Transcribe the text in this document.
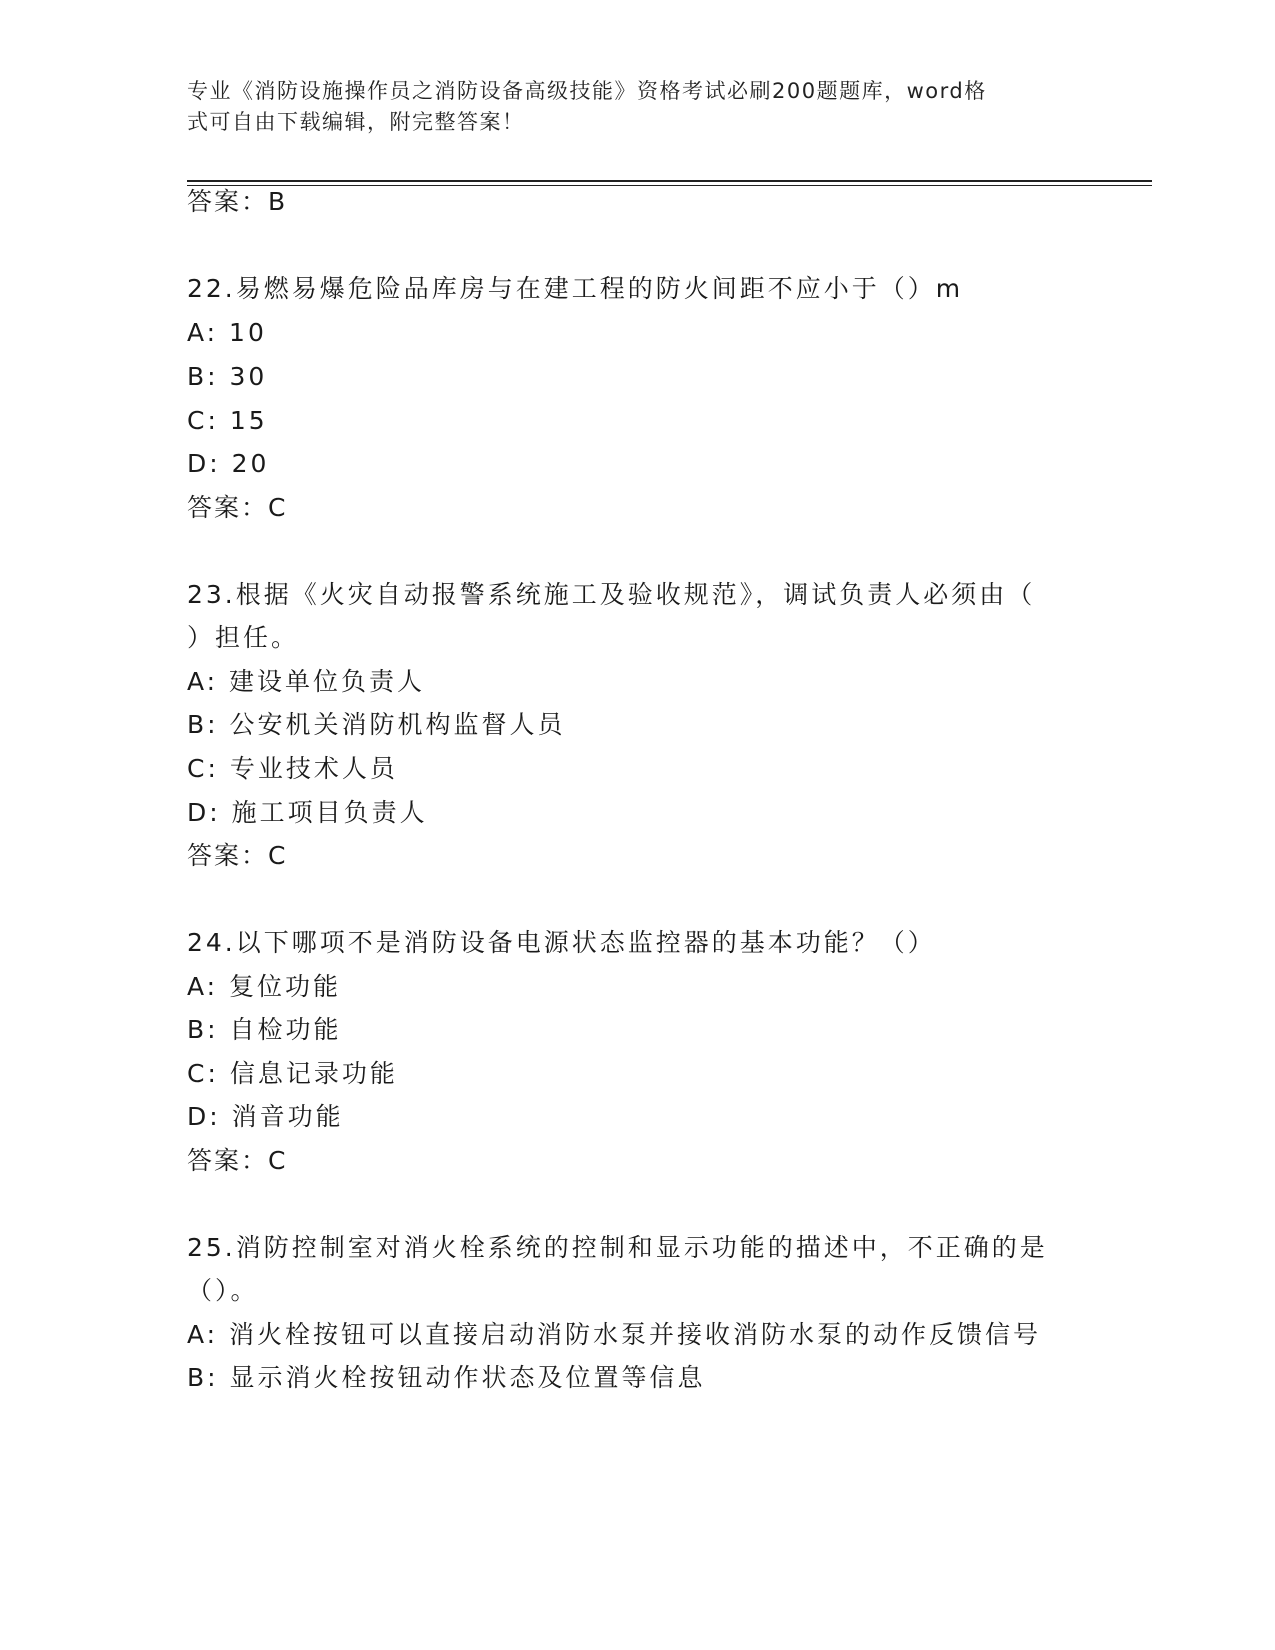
专业《消防设施操作员之消防设备高级技能》资格考试必刷200题题库，word格
式可自由下载编辑，附完整答案！
答案：B
22.易燃易爆危险品库房与在建工程的防火间距不应小于（）m
A: 10
B: 30
C: 15
D: 20
答案：C
23.根据《火灾自动报警系统施工及验收规范》，调试负责人必须由（
）担任。
A: 建设单位负责人
B: 公安机关消防机构监督人员
C: 专业技术人员
D: 施工项目负责人
答案：C
24.以下哪项不是消防设备电源状态监控器的基本功能？（）
A: 复位功能
B: 自检功能
C: 信息记录功能
D: 消音功能
答案：C
25.消防控制室对消火栓系统的控制和显示功能的描述中，不正确的是
（）。
A: 消火栓按钮可以直接启动消防水泵并接收消防水泵的动作反馈信号
B: 显示消火栓按钮动作状态及位置等信息
